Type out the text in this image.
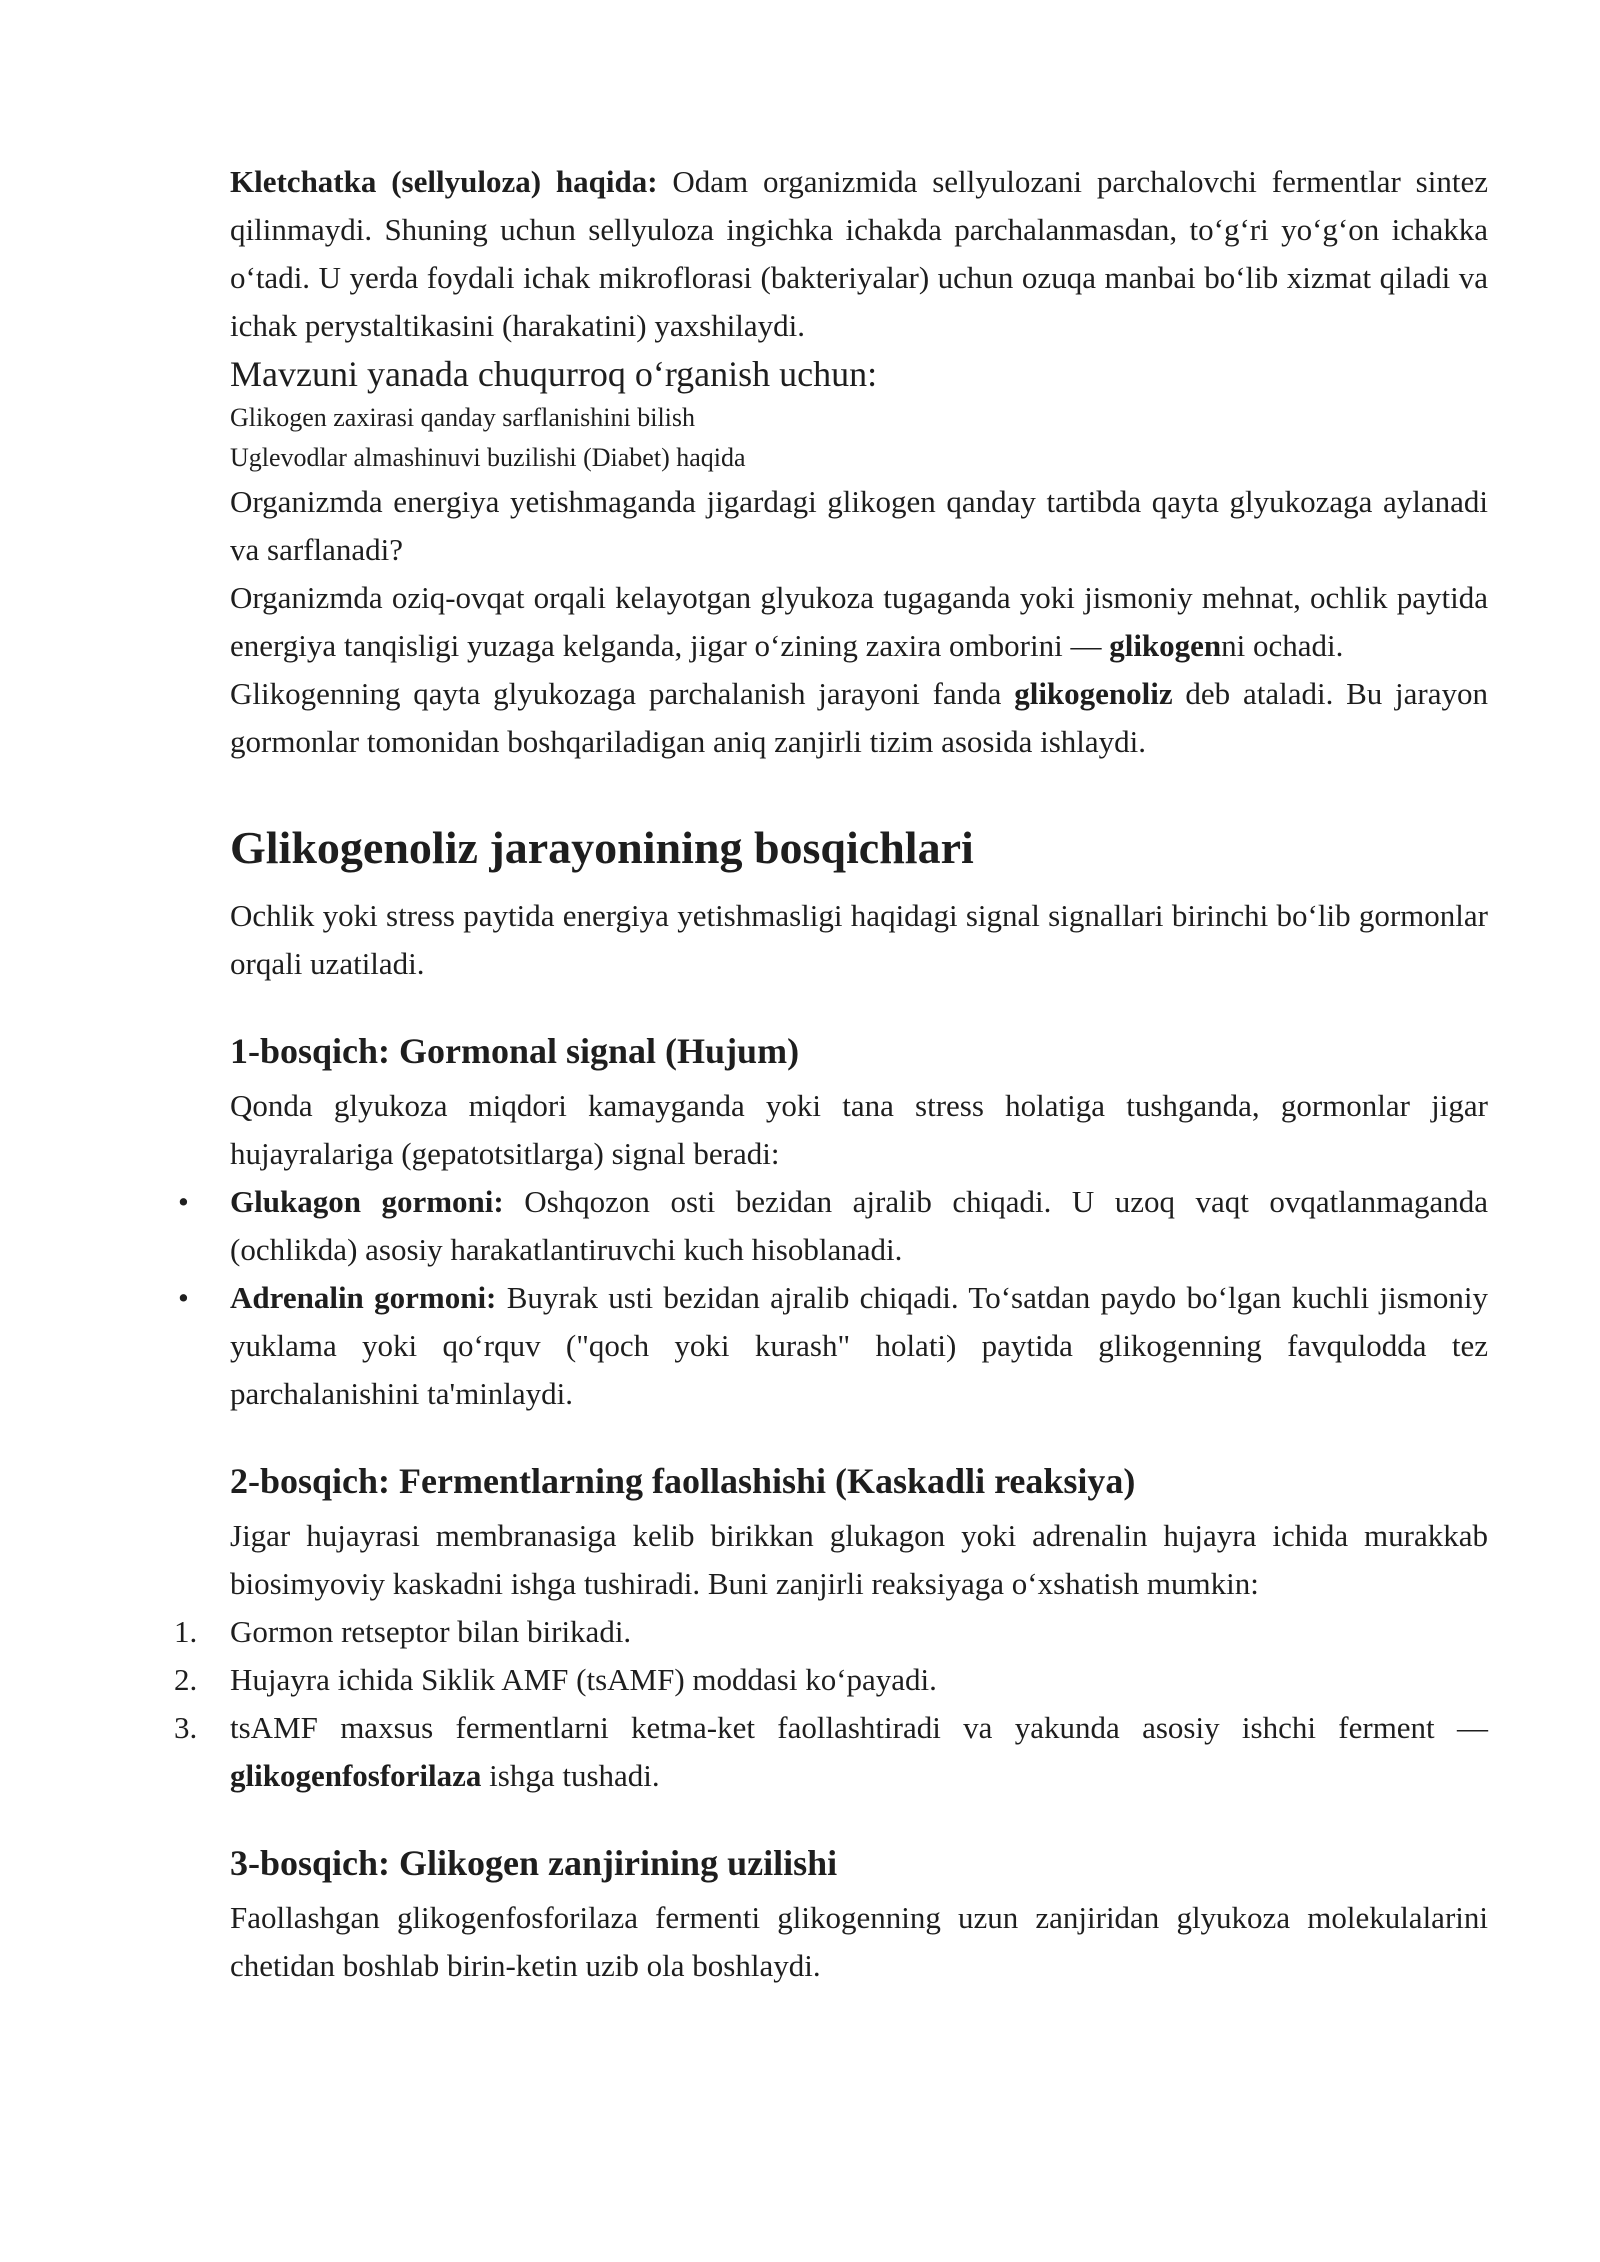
Kletchatka (sellyuloza) haqida: Odam organizmida sellyulozani parchalovchi fermentlar sintez qilinmaydi. Shuning uchun sellyuloza ingichka ichakda parchalanmasdan, to‘g‘ri yo‘g‘on ichakka o‘tadi. U yerda foydali ichak mikroflorasi (bakteriyalar) uchun ozuqa manbai bo‘lib xizmat qiladi va ichak perystaltikasini (harakatini) yaxshilaydi.

Mavzuni yanada chuqurroq o‘rganish uchun:

Glikogen zaxirasi qanday sarflanishini bilish

Uglevodlar almashinuvi buzilishi (Diabet) haqida

Organizmda energiya yetishmaganda jigardagi glikogen qanday tartibda qayta glyukozaga aylanadi va sarflanadi?

Organizmda oziq-ovqat orqali kelayotgan glyukoza tugaganda yoki jismoniy mehnat, ochlik paytida energiya tanqisligi yuzaga kelganda, jigar o‘zining zaxira omborini — glikogenni ochadi.

Glikogenning qayta glyukozaga parchalanish jarayoni fanda glikogenoliz deb ataladi. Bu jarayon gormonlar tomonidan boshqariladigan aniq zanjirli tizim asosida ishlaydi.

Glikogenoliz jarayonining bosqichlari

Ochlik yoki stress paytida energiya yetishmasligi haqidagi signal signallari birinchi bo‘lib gormonlar orqali uzatiladi.

1-bosqich: Gormonal signal (Hujum)

Qonda glyukoza miqdori kamayganda yoki tana stress holatiga tushganda, gormonlar jigar hujayralariga (gepatotsitlarga) signal beradi:

• Glukagon gormoni: Oshqozon osti bezidan ajralib chiqadi. U uzoq vaqt ovqatlanmaganda (ochlikda) asosiy harakatlantiruvchi kuch hisoblanadi.
• Adrenalin gormoni: Buyrak usti bezidan ajralib chiqadi. To‘satdan paydo bo‘lgan kuchli jismoniy yuklama yoki qo‘rquv ("qoch yoki kurash" holati) paytida glikogenning favqulodda tez parchalanishini ta'minlaydi.
2-bosqich: Fermentlarning faollashishi (Kaskadli reaksiya)

Jigar hujayrasi membranasiga kelib birikkan glukagon yoki adrenalin hujayra ichida murakkab biosimyoviy kaskadni ishga tushiradi. Buni zanjirli reaksiyaga o‘xshatish mumkin:

1.	Gormon retseptor bilan birikadi.
2.	Hujayra ichida Siklik AMF (tsAMF) moddasi ko‘payadi.
3.	tsAMF maxsus fermentlarni ketma-ket faollashtiradi va yakunda asosiy ishchi ferment — glikogenfosforilaza ishga tushadi.
3-bosqich: Glikogen zanjirining uzilishi

Faollashgan glikogenfosforilaza fermenti glikogenning uzun zanjiridan glyukoza molekulalarini chetidan boshlab birin-ketin uzib ola boshlaydi.
